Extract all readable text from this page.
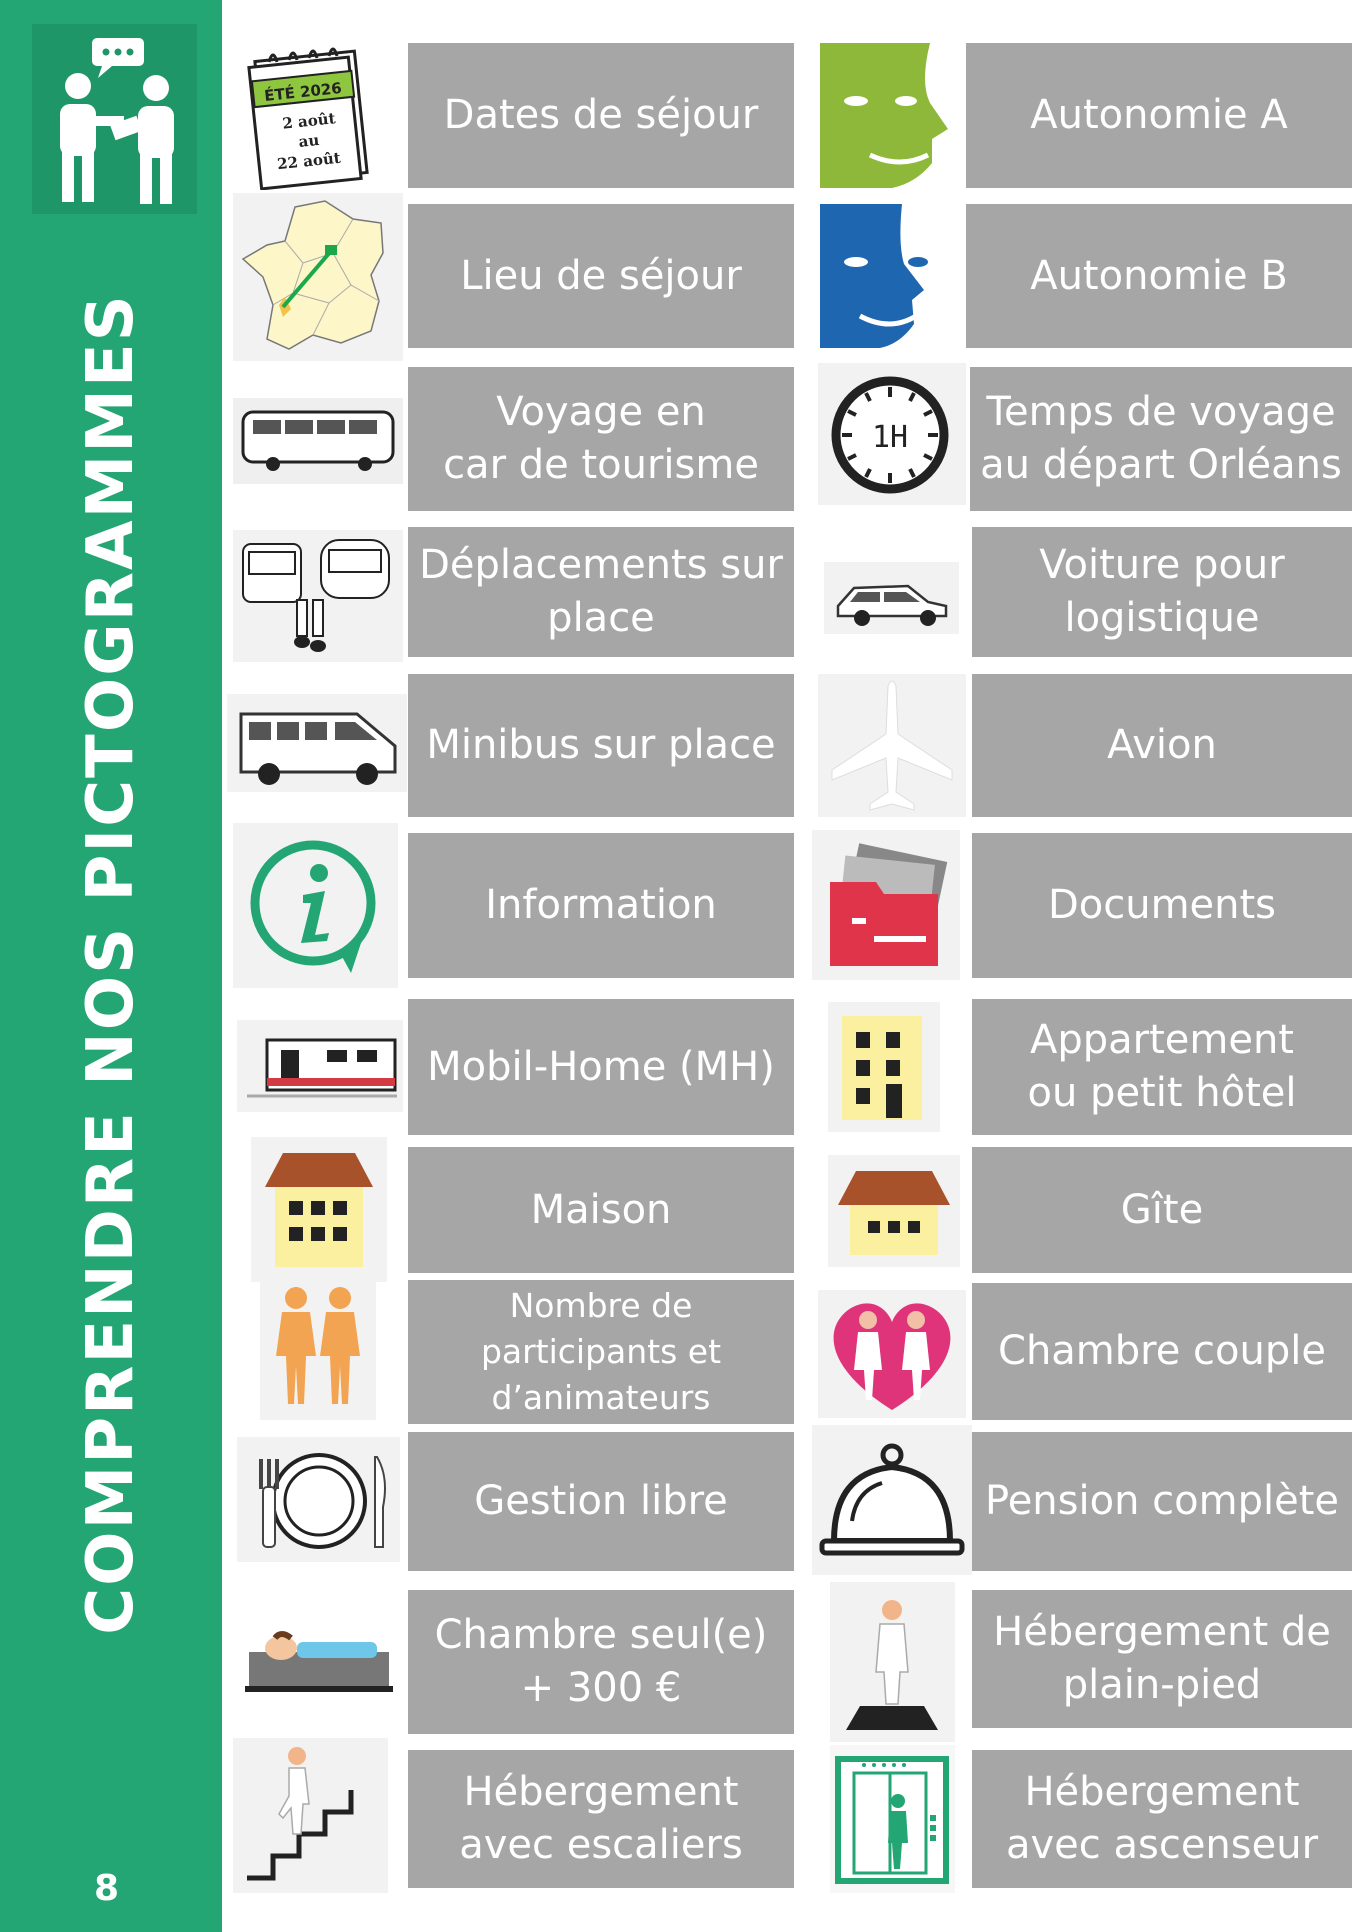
COMPRENDRE NOS PICTOGRAMMES
8
ÉTÉ 2026
2 août
au
22 août
Dates de séjour
Lieu de séjour
Voyage en
car de tourisme
Déplacements sur
place
Minibus sur place
Information
Mobil-Home (MH)
Maison
Nombre de
participants et
d’animateurs
Gestion libre
Chambre seul(e)
+ 300 €
Hébergement
avec escaliers
Autonomie A
Autonomie B
1H
Temps de voyage
au départ Orléans
Voiture pour
logistique
Avion
Documents
Appartement
ou petit hôtel
Gîte
Chambre couple
Pension complète
Hébergement de
plain-pied
Hébergement
avec ascenseur
